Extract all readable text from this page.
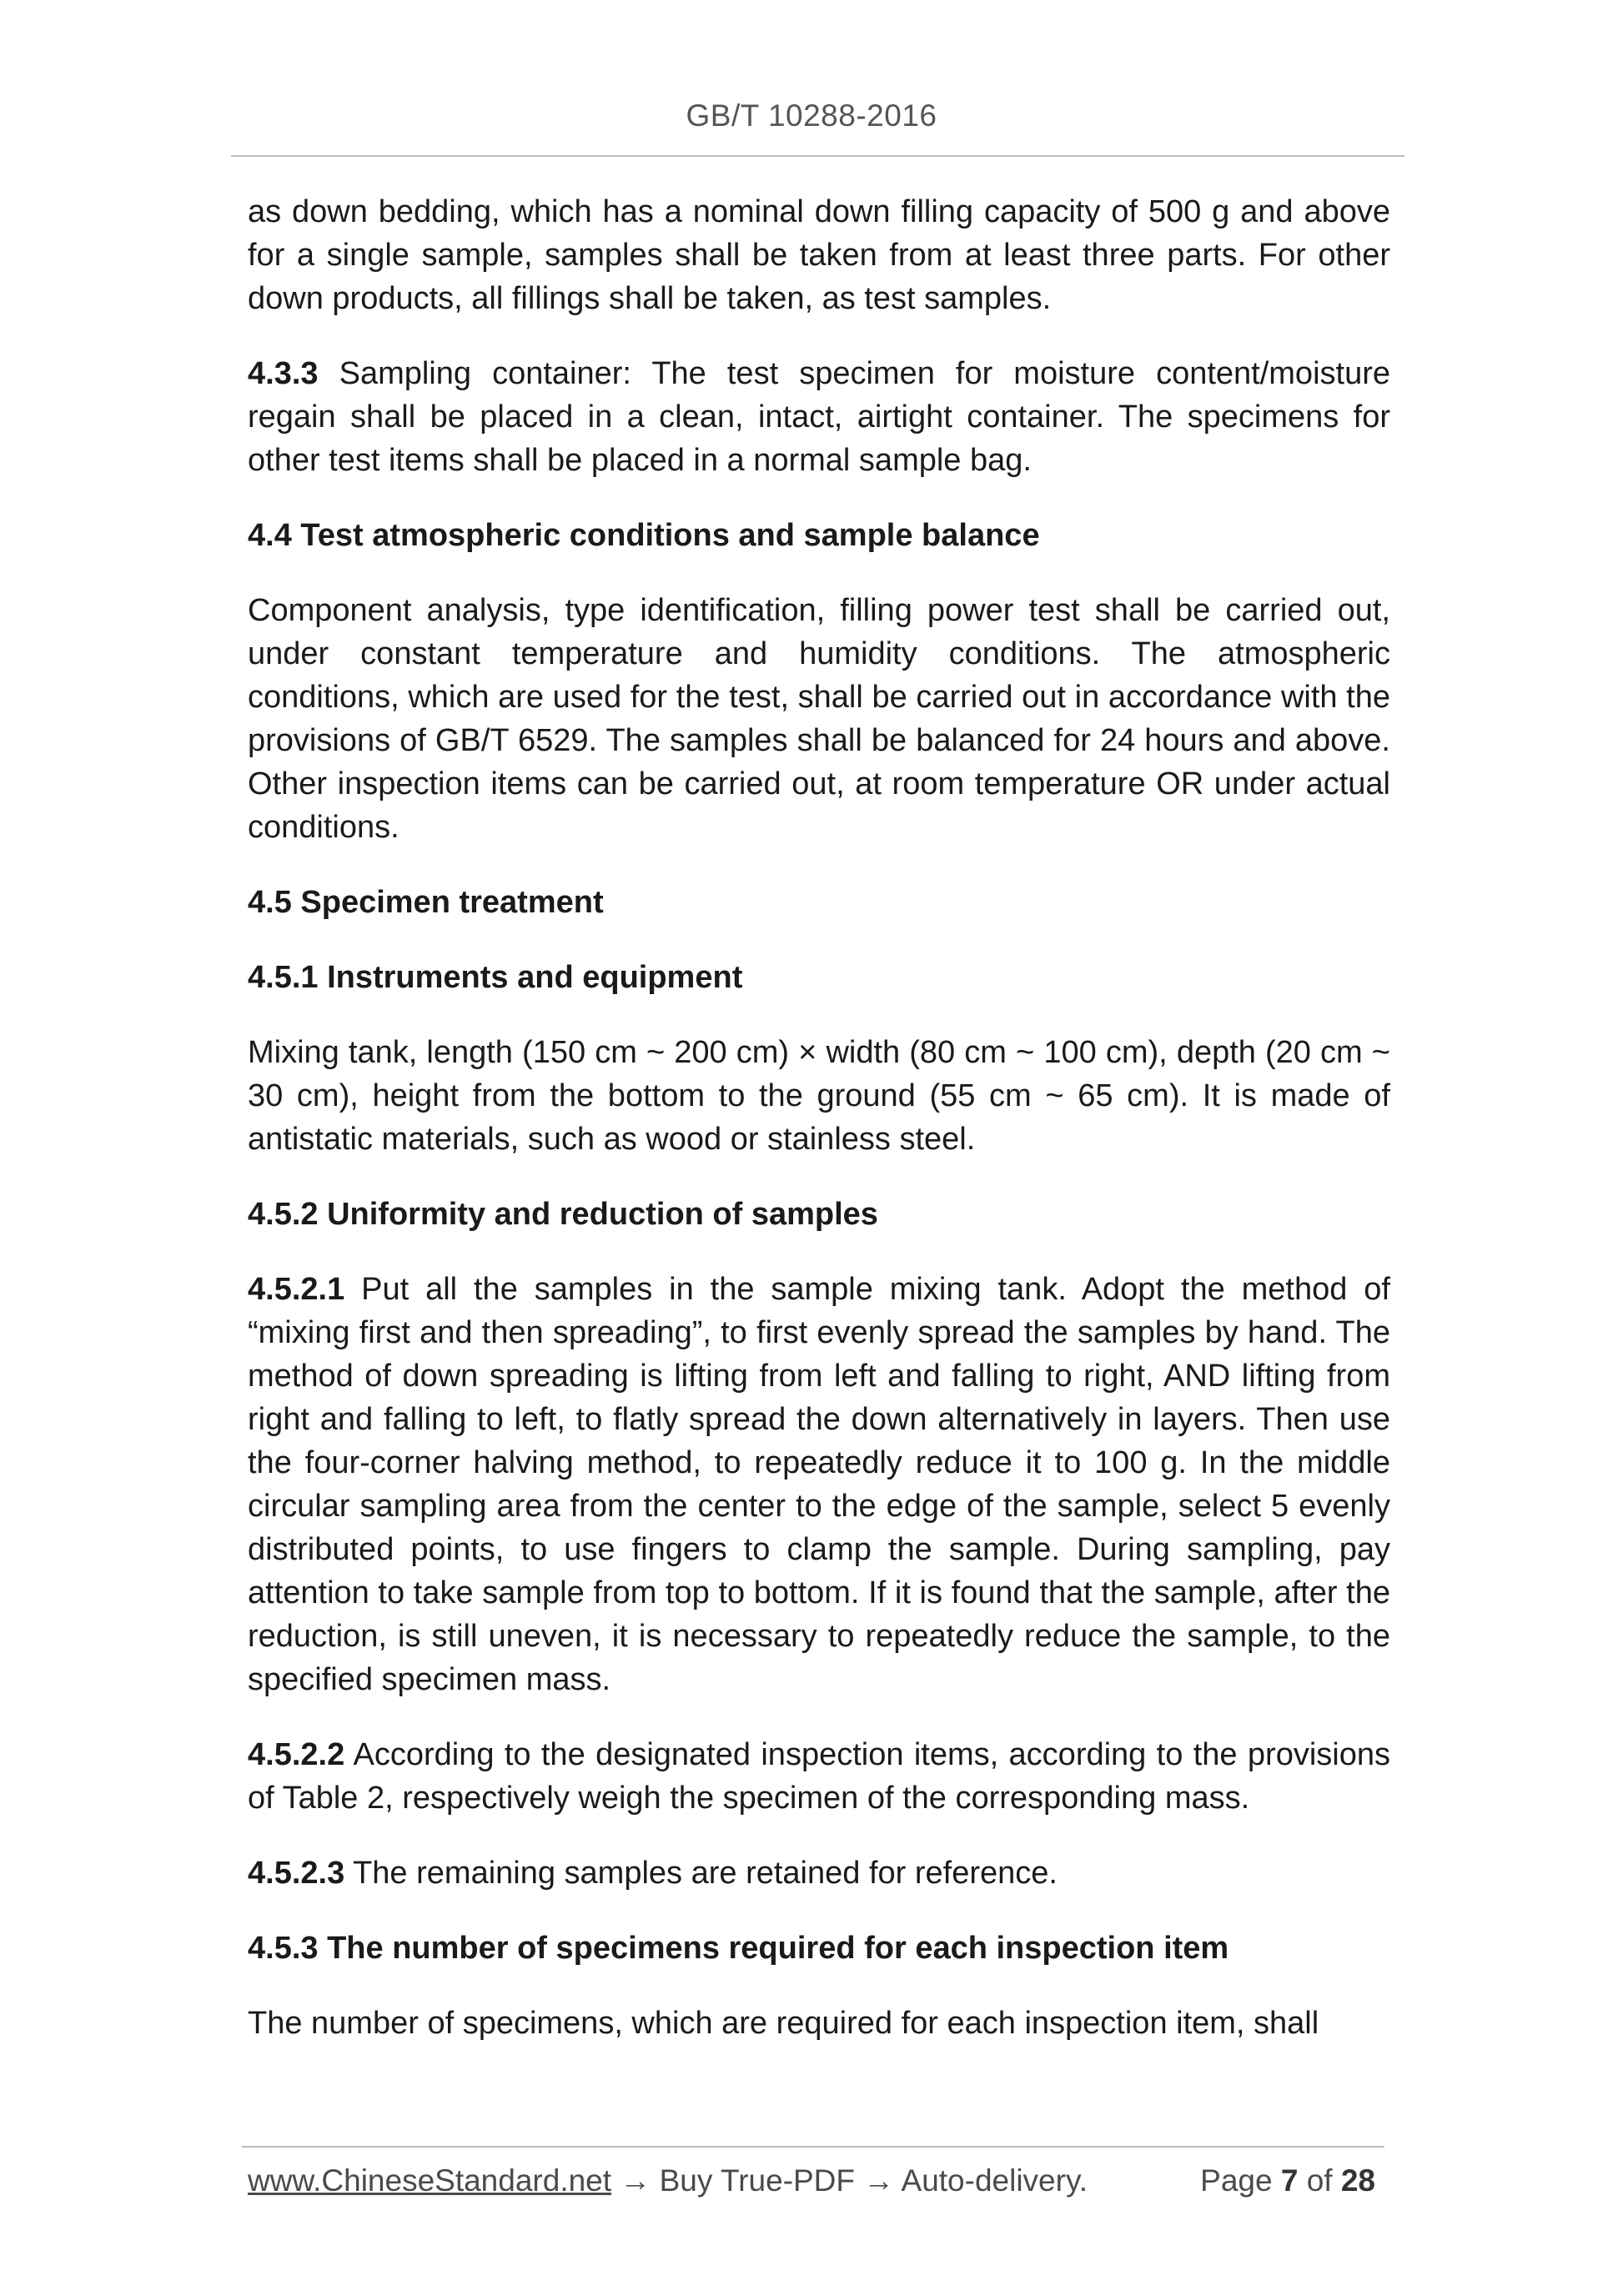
GB/T 10288-2016

as down bedding, which has a nominal down filling capacity of 500 g and above for a single sample, samples shall be taken from at least three parts. For other down products, all fillings shall be taken, as test samples.

4.3.3 Sampling container: The test specimen for moisture content/moisture regain shall be placed in a clean, intact, airtight container. The specimens for other test items shall be placed in a normal sample bag.

4.4 Test atmospheric conditions and sample balance

Component analysis, type identification, filling power test shall be carried out, under constant temperature and humidity conditions. The atmospheric conditions, which are used for the test, shall be carried out in accordance with the provisions of GB/T 6529. The samples shall be balanced for 24 hours and above. Other inspection items can be carried out, at room temperature OR under actual conditions.

4.5 Specimen treatment
4.5.1 Instruments and equipment

Mixing tank, length (150 cm ~ 200 cm) × width (80 cm ~ 100 cm), depth (20 cm ~ 30 cm), height from the bottom to the ground (55 cm ~ 65 cm). It is made of antistatic materials, such as wood or stainless steel.

4.5.2 Uniformity and reduction of samples

4.5.2.1 Put all the samples in the sample mixing tank. Adopt the method of “mixing first and then spreading”, to first evenly spread the samples by hand. The method of down spreading is lifting from left and falling to right, AND lifting from right and falling to left, to flatly spread the down alternatively in layers. Then use the four-corner halving method, to repeatedly reduce it to 100 g. In the middle circular sampling area from the center to the edge of the sample, select 5 evenly distributed points, to use fingers to clamp the sample. During sampling, pay attention to take sample from top to bottom. If it is found that the sample, after the reduction, is still uneven, it is necessary to repeatedly reduce the sample, to the specified specimen mass.

4.5.2.2 According to the designated inspection items, according to the provisions of Table 2, respectively weigh the specimen of the corresponding mass.

4.5.2.3 The remaining samples are retained for reference.

4.5.3 The number of specimens required for each inspection item

The number of specimens, which are required for each inspection item, shall

www.ChineseStandard.net → Buy True-PDF → Auto-delivery.	Page 7 of 28
